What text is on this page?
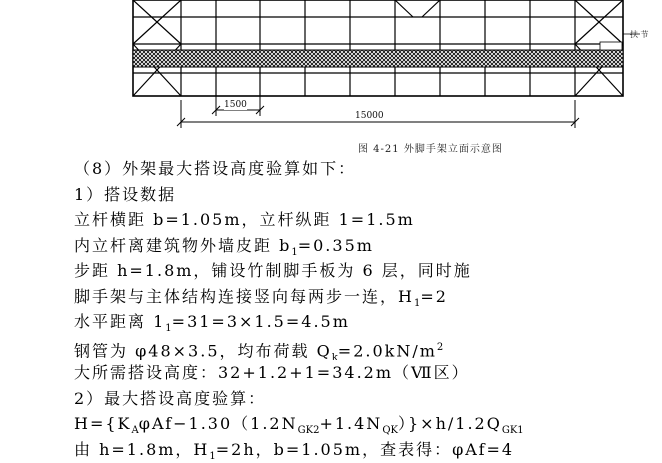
1500
15000
扶 节
图 4-21 外脚手架立面示意图
（8）外架最大搭设高度验算如下：
1）搭设数据
立杆横距 b=1.05m，立杆纵距 1=1.5m
内立杆离建筑物外墙皮距 $b_1=0.35m$
步距 h=1.8m，铺设竹制脚手板为 6 层，同时施
脚手架与主体结构连接竖向每两步一连，$H_1=2$
水平距离 $1_1=31=3\times 1.5=4.5m$
钢管为 φ48×3.5，均布荷载 $Q_k=2.0kN/m^2$
大所需搭设高度：32+1.2+1=34.2m（Ⅶ区）
2）最大搭设高度验算：
$H=\{K_A\varphi Af-1.30(1.2N_{GK2}+1.4N_{QK})\}\times h/1.2Q_{GK1}$
由 h=1.8m，$H_1=2h$，b=1.05m，查表得：φAf=4
